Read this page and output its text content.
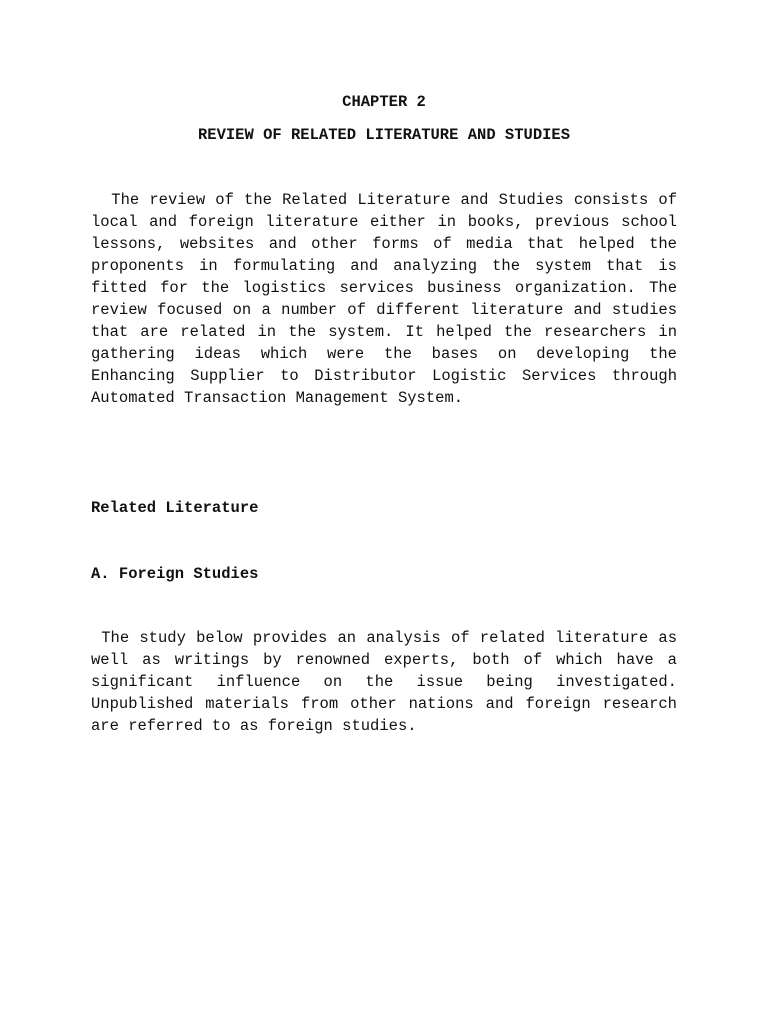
CHAPTER 2
REVIEW OF RELATED LITERATURE AND STUDIES
The review of the Related Literature and Studies consists of local and foreign literature either in books, previous school lessons, websites and other forms of media that helped the proponents in formulating and analyzing the system that is fitted for the logistics services business organization. The review focused on a number of different literature and studies that are related in the system. It helped the researchers in gathering ideas which were the bases on developing the Enhancing Supplier to Distributor Logistic Services through Automated Transaction Management System.
Related Literature
A. Foreign Studies
The study below provides an analysis of related literature as well as writings by renowned experts, both of which have a significant influence on the issue being investigated. Unpublished materials from other nations and foreign research are referred to as foreign studies.
